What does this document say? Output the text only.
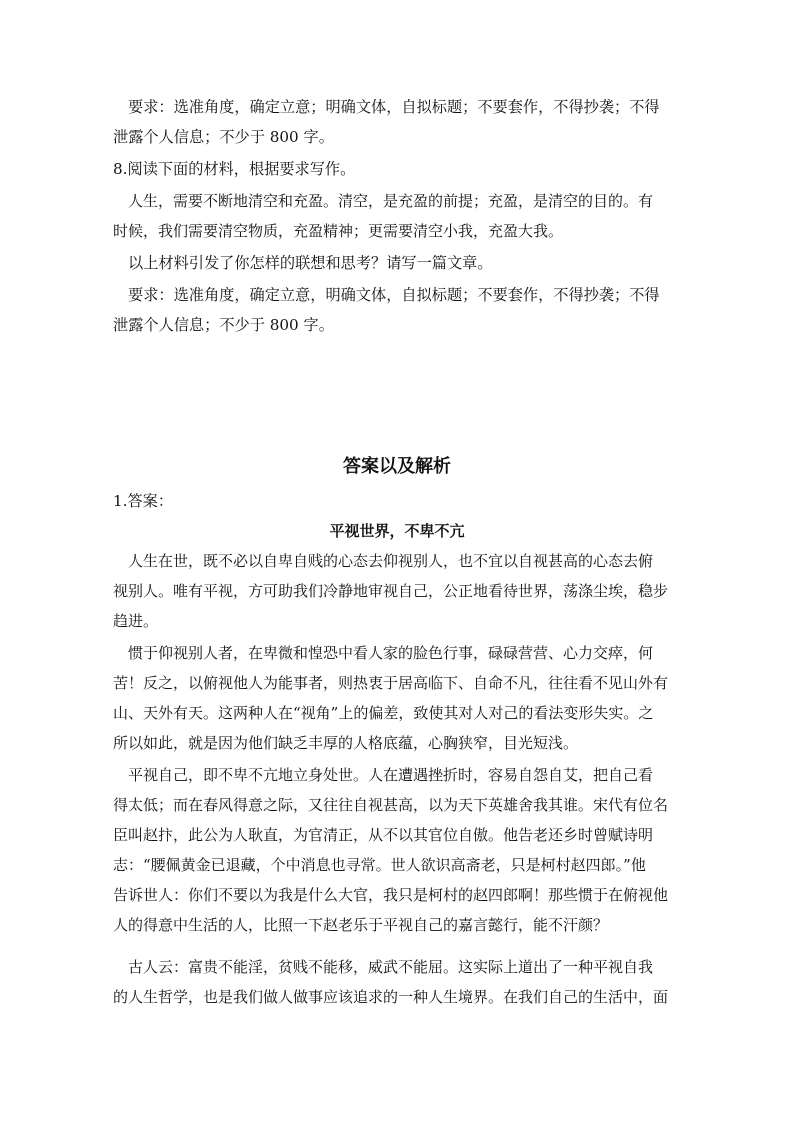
要求：选准角度，确定立意；明确文体，自拟标题；不要套作，不得抄袭；不得
泄露个人信息；不少于 800 字。
8.阅读下面的材料，根据要求写作。
人生，需要不断地清空和充盈。清空，是充盈的前提；充盈，是清空的目的。有
时候，我们需要清空物质，充盈精神；更需要清空小我，充盈大我。
以上材料引发了你怎样的联想和思考？请写一篇文章。
要求：选准角度，确定立意，明确文体，自拟标题；不要套作，不得抄袭；不得
泄露个人信息；不少于 800 字。
答案以及解析
1.答案：
平视世界，不卑不亢
人生在世，既不必以自卑自贱的心态去仰视别人，也不宜以自视甚高的心态去俯
视别人。唯有平视，方可助我们冷静地审视自己，公正地看待世界，荡涤尘埃，稳步
趋进。
惯于仰视别人者，在卑微和惶恐中看人家的脸色行事，碌碌营营、心力交瘁，何
苦！反之，以俯视他人为能事者，则热衷于居高临下、自命不凡，往往看不见山外有
山、天外有天。这两种人在“视角”上的偏差，致使其对人对己的看法变形失实。之
所以如此，就是因为他们缺乏丰厚的人格底蕴，心胸狭窄，目光短浅。
平视自己，即不卑不亢地立身处世。人在遭遇挫折时，容易自怨自艾，把自己看
得太低；而在春风得意之际，又往往自视甚高，以为天下英雄舍我其谁。宋代有位名
臣叫赵抃，此公为人耿直，为官清正，从不以其官位自傲。他告老还乡时曾赋诗明
志：“腰佩黄金已退藏，个中消息也寻常。世人欲识高斋老，只是柯村赵四郎。”他
告诉世人：你们不要以为我是什么大官，我只是柯村的赵四郎啊！那些惯于在俯视他
人的得意中生活的人，比照一下赵老乐于平视自己的嘉言懿行，能不汗颜？
古人云：富贵不能淫，贫贱不能移，威武不能屈。这实际上道出了一种平视自我
的人生哲学，也是我们做人做事应该追求的一种人生境界。在我们自己的生活中，面
